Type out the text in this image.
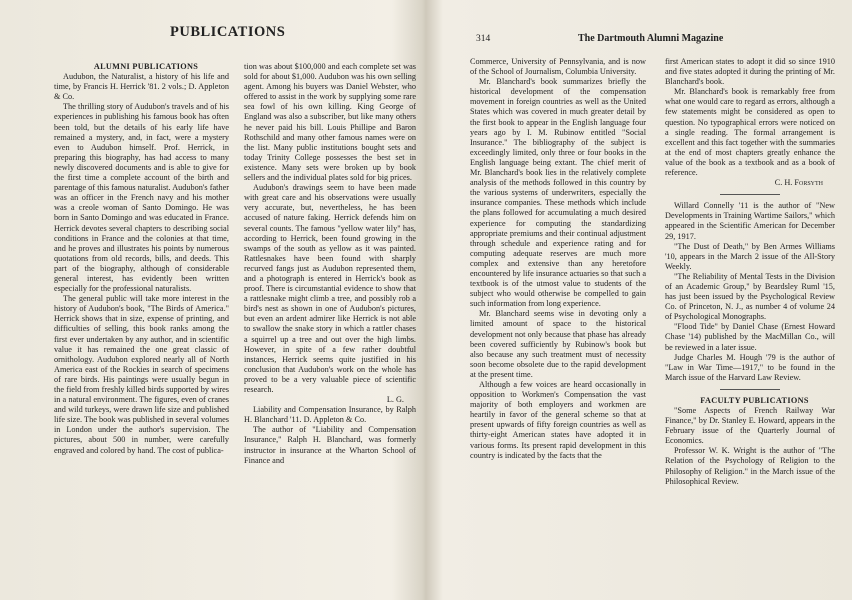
PUBLICATIONS	314	The Dartmouth Alumni Magazine

ALUMNI PUBLICATIONS

Audubon, the Naturalist, a history of his life and time, by Francis H. Herrick '81. 2 vols.; D. Appleton & Co.

The thrilling story of Audubon's travels and of his experiences in publishing his famous book has often been told, but the details of his early life have remained a mystery, and, in fact, were a mystery even to Audubon himself. Prof. Herrick, in preparing this biography, has had access to many newly discovered documents and is able to give for the first time a complete account of the birth and parentage of this famous naturalist. Audubon's father was an officer in the French navy and his mother was a creole woman of Santo Domingo. He was born in Santo Domingo and was educated in France. Herrick devotes several chapters to describing social conditions in France and the colonies at that time, and he proves and illustrates his points by numerous quotations from old records, bills, and deeds. This part of the biography, although of considerable general interest, has evidently been written especially for the professional naturalists.

The general public will take more interest in the history of Audubon's book, "The Birds of America." Herrick shows that in size, expense of printing, and difficulties of selling, this book ranks among the first ever undertaken by any author, and in scientific value it has remained the one great classic of ornithology. Audubon explored nearly all of North America east of the Rockies in search of specimens of rare birds. His paintings were usually begun in the field from freshly killed birds supported by wires in a natural environment. The figures, even of cranes and wild turkeys, were drawn life size and published life size. The book was published in several volumes in London under the author's supervision. The pictures, about 500 in number, were carefully engraved and colored by hand. The cost of publica-

tion was about $100,000 and each complete set was sold for about $1,000. Audubon was his own selling agent. Among his buyers was Daniel Webster, who offered to assist in the work by supplying some rare sea fowl of his own killing. King George of England was also a subscriber, but like many others he never paid his bill. Louis Phillipe and Baron Rothschild and many other famous names were on the list. Many public institutions bought sets and today Trinity College possesses the best set in existence. Many sets were broken up by book sellers and the individual plates sold for big prices.

Audubon's drawings seem to have been made with great care and his observations were usually very accurate, but, nevertheless, he has been accused of nature faking. Herrick defends him on several counts. The famous "yellow water lily" has, according to Herrick, been found growing in the swamps of the south as yellow as it was painted. Rattlesnakes have been found with sharply recurved fangs just as Audubon represented them, and a photograph is entered in Herrick's book as proof. There is circumstantial evidence to show that a rattlesnake might climb a tree, and possibly rob a bird's nest as shown in one of Audubon's pictures, but even an ardent admirer like Herrick is not able to swallow the snake story in which a rattler chases a squirrel up a tree and out over the high limbs. However, in spite of a few rather doubtful instances, Herrick seems quite justified in his conclusion that Audubon's work on the whole has proved to be a very valuable piece of scientific research.

L. G.

Liability and Compensation Insurance, by Ralph H. Blanchard '11. D. Appleton & Co.

The author of "Liability and Compensation Insurance," Ralph H. Blanchard, was formerly instructor in insurance at the Wharton School of Finance and

Commerce, University of Pennsylvania, and is now of the School of Journalism, Columbia University.

Mr. Blanchard's book summarizes briefly the historical development of the compensation movement in foreign countries as well as the United States which was covered in much greater detail by the first book to appear in the English language four years ago by I. M. Rubinow entitled "Social Insurance." The bibliography of the subject is exceedingly limited, only three or four books in the English language being extant. The chief merit of Mr. Blanchard's book lies in the relatively complete analysis of the methods followed in this country by the various systems of underwriters, especially the insurance companies. These methods which include the plans followed for accumulating a much desired experience for computing the standardizing appropriate premiums and their continual adjustment through schedule and experience rating and for computing adequate reserves are much more complex and extensive than any heretofore encountered by life insurance actuaries so that such a textbook is of the utmost value to students of the subject who would otherwise be compelled to gain such information from long experience.

Mr. Blanchard seems wise in devoting only a limited amount of space to the historical development not only because that phase has already been covered sufficiently by Rubinow's book but also because any such treatment must of necessity soon become obsolete due to the rapid development at the present time.

Although a few voices are heard occasionally in opposition to Workmen's Compensation the vast majority of both employers and workmen are heartily in favor of the general scheme so that at present upwards of fifty foreign countries as well as thirty-eight American states have adopted it in various forms. Its present rapid development in this country is indicated by the facts that the

first American states to adopt it did so since 1910 and five states adopted it during the printing of Mr. Blanchard's book.

Mr. Blanchard's book is remarkably free from what one would care to regard as errors, although a few statements might be considered as open to question. No typographical errors were noticed on a single reading. The formal arrangement is excellent and this fact together with the summaries at the end of most chapters greatly enhance the value of the book as a textbook and as a book of reference.

C. H. Forsyth

Willard Connelly '11 is the author of "New Developments in Training Wartime Sailors," which appeared in the Scientific American for December 29, 1917.

"The Dust of Death," by Ben Armes Williams '10, appears in the March 2 issue of the All-Story Weekly.

"The Reliability of Mental Tests in the Division of an Academic Group," by Beardsley Ruml '15, has just been issued by the Psychological Review Co. of Princeton, N. J., as number 4 of volume 24 of Psychological Monographs.

"Flood Tide" by Daniel Chase (Ernest Howard Chase '14) published by the MacMillan Co., will be reviewed in a later issue.

Judge Charles M. Hough '79 is the author of "Law in War Time—1917," to be found in the March issue of the Harvard Law Review.

FACULTY PUBLICATIONS

"Some Aspects of French Railway War Finance," by Dr. Stanley E. Howard, appears in the February issue of the Quarterly Journal of Economics.

Professor W. K. Wright is the author of "The Relation of the Psychology of Religion to the Philosophy of Religion." in the March issue of the Philosophical Review.
